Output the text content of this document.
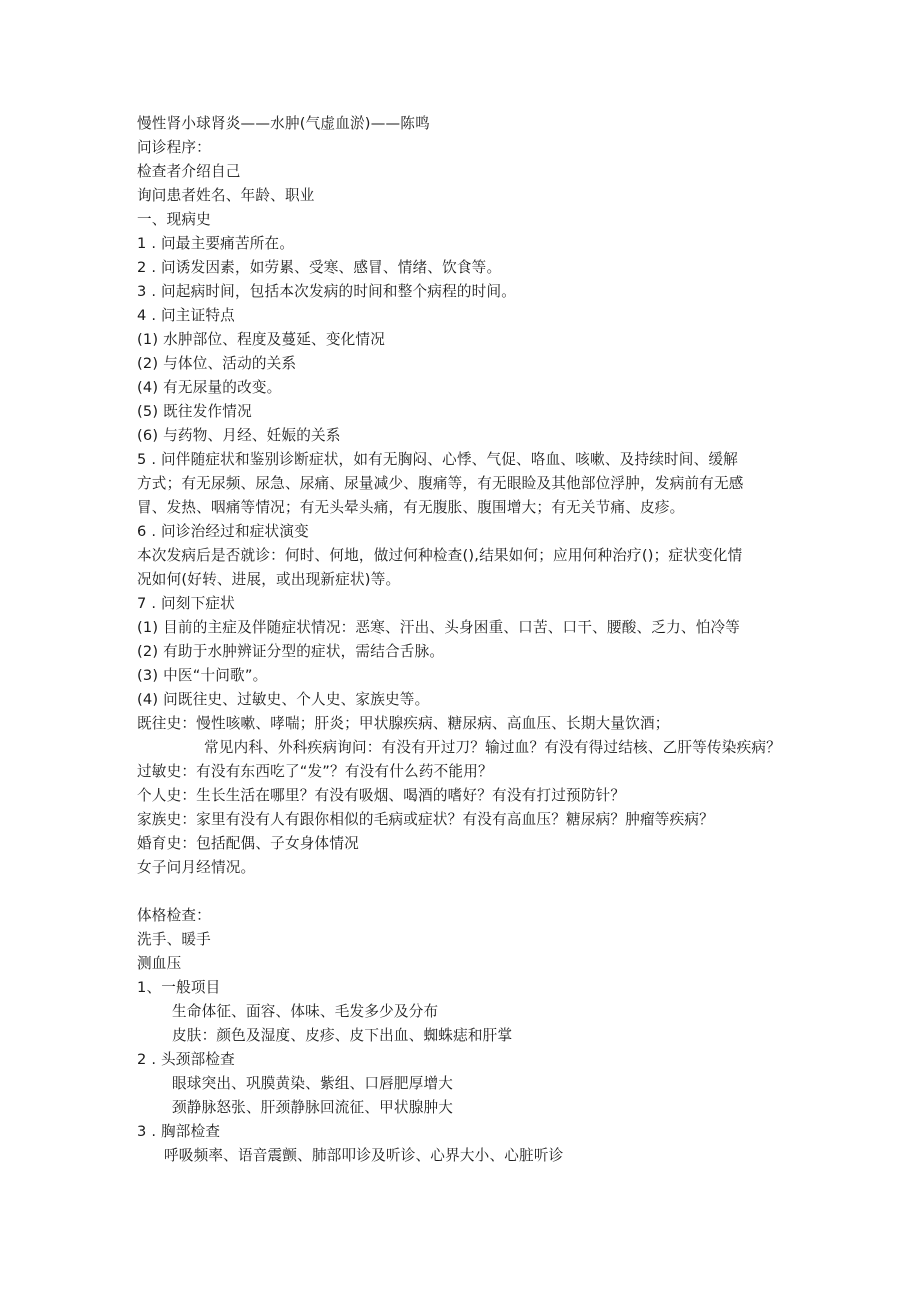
慢性肾小球肾炎——水肿(气虚血淤)——陈鸣
问诊程序：
检查者介绍自己
询问患者姓名、年龄、职业
一、现病史
1 . 问最主要痛苦所在。
2 . 问诱发因素，如劳累、受寒、感冒、情绪、饮食等。
3 . 问起病时间，包括本次发病的时间和整个病程的时间。
4 . 问主证特点
(1) 水肿部位、程度及蔓延、变化情况
(2) 与体位、活动的关系
(4) 有无尿量的改变。
(5) 既往发作情况
(6) 与药物、月经、妊娠的关系
5 . 问伴随症状和鉴别诊断症状，如有无胸闷、心悸、气促、咯血、咳嗽、及持续时间、缓解
方式；有无尿频、尿急、尿痛、尿量减少、腹痛等，有无眼睑及其他部位浮肿，发病前有无感
冒、发热、咽痛等情况；有无头晕头痛，有无腹胀、腹围增大；有无关节痛、皮疹。
6 . 问诊治经过和症状演变
本次发病后是否就诊：何时、何地，做过何种检查(),结果如何；应用何种治疗()；症状变化情
况如何(好转、进展，或出现新症状)等。
7 . 问刻下症状
(1) 目前的主症及伴随症状情况：恶寒、汗出、头身困重、口苦、口干、腰酸、乏力、怕冷等
(2) 有助于水肿辨证分型的症状，需结合舌脉。
(3) 中医“十问歌”。
(4) 问既往史、过敏史、个人史、家族史等。
既往史：慢性咳嗽、哮喘；肝炎；甲状腺疾病、糖尿病、高血压、长期大量饮酒；
常见内科、外科疾病询问：有没有开过刀？输过血？有没有得过结核、乙肝等传染疾病？
过敏史：有没有东西吃了“发”？有没有什么药不能用？
个人史：生长生活在哪里？有没有吸烟、喝酒的嗜好？有没有打过预防针？
家族史：家里有没有人有跟你相似的毛病或症状？有没有高血压？糖尿病？肿瘤等疾病？
婚育史：包括配偶、子女身体情况
女子问月经情况。
体格检查：
洗手、暖手
测血压
1、一般项目
生命体征、面容、体味、毛发多少及分布
皮肤：颜色及湿度、皮疹、皮下出血、蜘蛛痣和肝掌
2 . 头颈部检查
眼球突出、巩膜黄染、紫组、口唇肥厚增大
颈静脉怒张、肝颈静脉回流征、甲状腺肿大
3 . 胸部检查
呼吸频率、语音震颤、肺部叩诊及听诊、心界大小、心脏听诊
